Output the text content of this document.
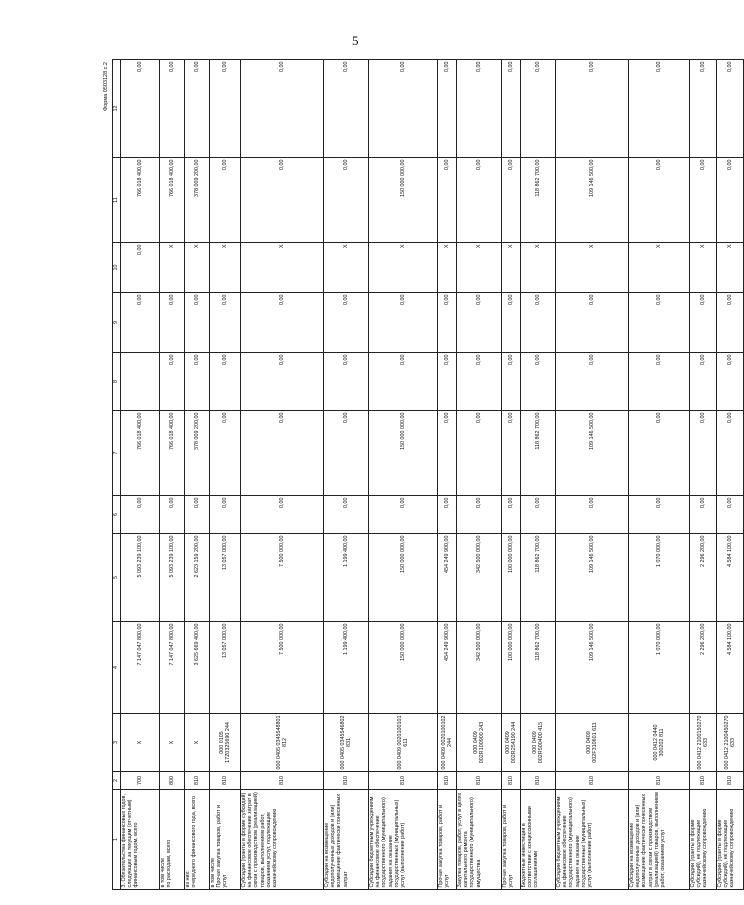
5
Форма 0503128 с.2
1	2	3	4	5	6	7	8	9	10	11	12
3. Обязательства финансовых годов, следующих за текущим (отчетным) финансовым годом, всего	700	X	7 147 047 800,00	5 093 239 100,00	0,00	766 018 400,00		0,00	0,00	766 018 400,00	0,00
в том числе
по расходам, всего	800	X	7 147 047 800,00	5 093 239 100,00	0,00	766 018 400,00	0,00	0,00	X	766 018 400,00	0,00
из них:
очередного финансового года, всего	810	X	3 625 669 400,00	2 623 159 200,00	0,00	378 009 200,00	0,00	0,00	X	378 009 200,00	0,00
в том числе
Прочая закупка товаров, работ и услуг	810	000 0105 17Z0325690 244	13 057 000,00	13 057 000,00	0,00	0,00	0,00	0,00	X	0,00	0,00
Субсидии (гранты в форме субсидий) на финансовое обеспечение затрат в связи с производством (реализацией) товаров, выполнением работ, оказанием услуг, подлежащие казначейскому сопровождению	810	000 0405 0345548801 812	7 500 000,00	7 500 000,00	0,00	0,00	0,00	0,00	X	0,00	0,00
Субсидии на возмещение недополученных доходов и (или) возмещение фактически понесенных затрат	810	000 0405 0345546802 831	1 199 400,00	1 199 400,00	0,00	0,00	0,00	0,00	X	0,00	0,00
Субсидии бюджетным учреждениям на финансовое обеспечение государственного (муниципального) задания на оказание государственных (муниципальных) услуг (выполнение работ)	810	000 0409 0020100101 611	150 000 000,00	150 000 000,00	0,00	150 000 000,00	0,00	0,00	X	150 000 000,00	0,00
Прочая закупка товаров, работ и услуг	810	000 0409 0020100102 244	454 249 900,00	454 249 900,00	0,00	0,00	0,00	0,00	X	0,00	0,00
Закупка товаров, работ, услуг в целях капитального ремонта государственного (муниципального) имущества	810	000 0409 002R100900 243	342 500 000,00	342 500 000,00	0,00	0,00	0,00	0,00	X	0,00	0,00
Прочая закупка товаров, работ и услуг	810	000 0409 002R254190 244	100 000 000,00	100 000 000,00	0,00	0,00	0,00	0,00	X	0,00	0,00
Бюджетные инвестиции в соответствии с концессионными соглашениями	810	000 0409 002R500400 415	118 862 700,00	118 862 700,00	0,00	118 862 700,00	0,00	0,00	X	118 862 700,00	0,00
Субсидии бюджетным учреждениям на финансовое обеспечение государственного (муниципального) задания на оказание государственных (муниципальных) услуг (выполнение работ)	810	000 0409 002F310601 611	109 146 500,00	109 146 500,00	0,00	109 146 500,00	0,00	0,00	X	109 146 500,00	0,00
Субсидии на возмещение недополученных доходов и (или) возмещение фактически понесенных затрат в связи с производством (реализацией) товаров, выполнением работ, оказанием услуг	810	000 0412 0440 300202 811	1 070 000,00	1 070 000,00	0,00	0,00	0,00	0,00	X	0,00	0,00
Субсидии (гранты в форме субсидий), не подлежащие казначейскому сопровождению	810	000 0412 2100150270 633	2 296 200,00	2 296 200,00	0,00	0,00	0,00	0,00	X	0,00	0,00
Субсидии (гранты в форме субсидий), не подлежащие казначейскому сопровождению	810	000 0412 2100450270 633	4 584 100,00	4 584 100,00	0,00	0,00	0,00	0,00	X	0,00	0,00
